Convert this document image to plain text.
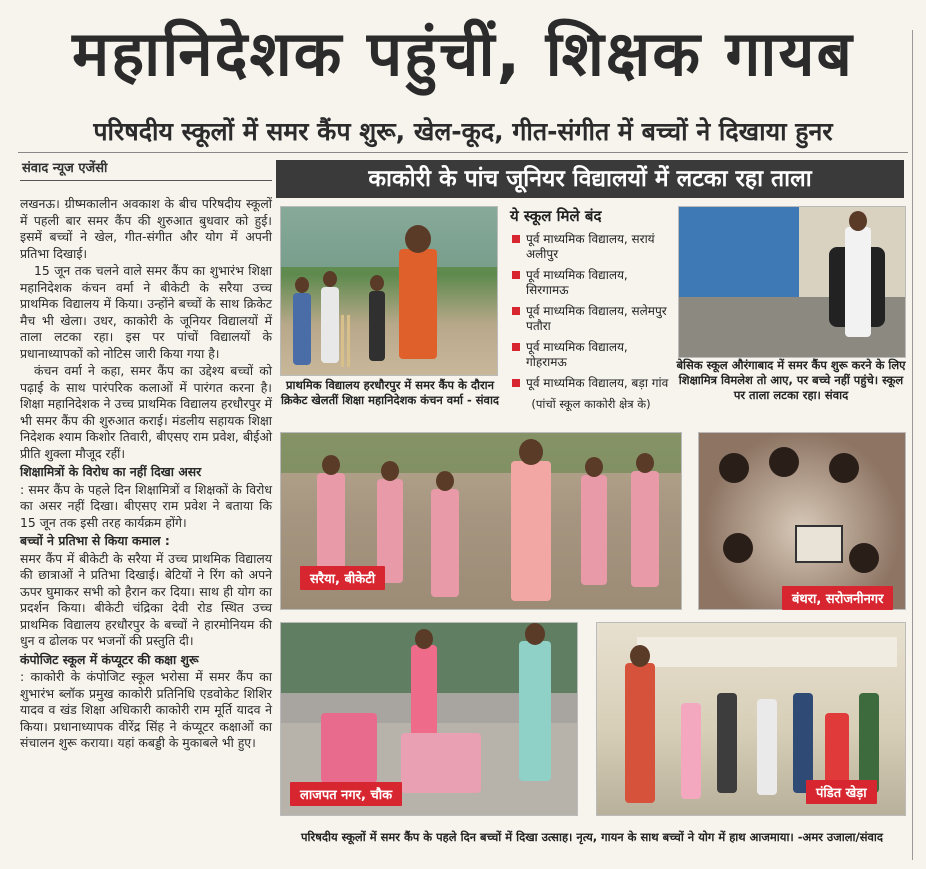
महानिदेशक पहुंचीं, शिक्षक गायब
परिषदीय स्कूलों में समर कैंप शुरू, खेल-कूद, गीत-संगीत में बच्चों ने दिखाया हुनर
संवाद न्यूज एजेंसी	काकोरी के पांच जूनियर विद्यालयों में लटका रहा ताला

लखनऊ। ग्रीष्मकालीन अवकाश के बीच परिषदीय स्कूलों में पहली बार समर कैंप की शुरुआत बुधवार को हुई। इसमें बच्चों ने खेल, गीत-संगीत और योग में अपनी प्रतिभा दिखाई।

15 जून तक चलने वाले समर कैंप का शुभारंभ शिक्षा महानिदेशक कंचन वर्मा ने बीकेटी के सरैया उच्च प्राथमिक विद्यालय में किया। उन्होंने बच्चों के साथ क्रिकेट मैच भी खेला। उधर, काकोरी के जूनियर विद्यालयों में ताला लटका रहा। इस पर पांचों विद्यालयों के प्रधानाध्यापकों को नोटिस जारी किया गया है।

कंचन वर्मा ने कहा, समर कैंप का उद्देश्य बच्चों को पढ़ाई के साथ पारंपरिक कलाओं में पारंगत करना है। शिक्षा महानिदेशक ने उच्च प्राथमिक विद्यालय हरधौरपुर में भी समर कैंप की शुरुआत कराई। मंडलीय सहायक शिक्षा निदेशक श्याम किशोर तिवारी, बीएसए राम प्रवेश, बीईओ प्रीति शुक्ला मौजूद रहीं।

शिक्षामित्रों के विरोध का नहीं दिखा असर

: समर कैंप के पहले दिन शिक्षामित्रों व शिक्षकों के विरोध का असर नहीं दिखा। बीएसए राम प्रवेश ने बताया कि 15 जून तक इसी तरह कार्यक्रम होंगे।

बच्चों ने प्रतिभा से किया कमाल :

समर कैंप में बीकेटी के सरैया में उच्च प्राथमिक विद्यालय की छात्राओं ने प्रतिभा दिखाई। बेटियों ने रिंग को अपने ऊपर घुमाकर सभी को हैरान कर दिया। साथ ही योग का प्रदर्शन किया। बीकेटी चंद्रिका देवी रोड स्थित उच्च प्राथमिक विद्यालय हरधौरपुर के बच्चों ने हारमोनियम की धुन व ढोलक पर भजनों की प्रस्तुति दी।

कंपोजिट स्कूल में कंप्यूटर की कक्षा शुरू

: काकोरी के कंपोजिट स्कूल भरोसा में समर कैंप का शुभारंभ ब्लॉक प्रमुख काकोरी प्रतिनिधि एडवोकेट शिशिर यादव व खंड शिक्षा अधिकारी काकोरी राम मूर्ति यादव ने किया। प्रधानाध्यापक वीरेंद्र सिंह ने कंप्यूटर कक्षाओं का संचालन शुरू कराया। यहां कबड्डी के मुकाबले भी हुए।

प्राथमिक विद्यालय हरधौरपुर में समर कैंप के दौरान क्रिकेट खेलतीं शिक्षा महानिदेशक कंचन वर्मा - संवाद
ये स्कूल मिले बंद
पूर्व माध्यमिक विद्यालय, सरायं अलीपुर
पूर्व माध्यमिक विद्यालय, सिरगामऊ
पूर्व माध्यमिक विद्यालय, सलेमपुर पतौरा
पूर्व माध्यमिक विद्यालय, गोहरामऊ
पूर्व माध्यमिक विद्यालय, बड़ा गांव
(पांचों स्कूल काकोरी क्षेत्र के)
बेसिक स्कूल औरंगाबाद में समर कैंप शुरू करने के लिए शिक्षामित्र विमलेश तो आए, पर बच्चे नहीं पहुंचे। स्कूल पर ताला लटका रहा। संवाद
सरैया, बीकेटी
बंथरा, सरोजनीनगर
लाजपत नगर, चौक	पंडित खेड़ा
परिषदीय स्कूलों में समर कैंप के पहले दिन बच्चों में दिखा उत्साह। नृत्य, गायन के साथ बच्चों ने योग में हाथ आजमाया। -अमर उजाला/संवाद
